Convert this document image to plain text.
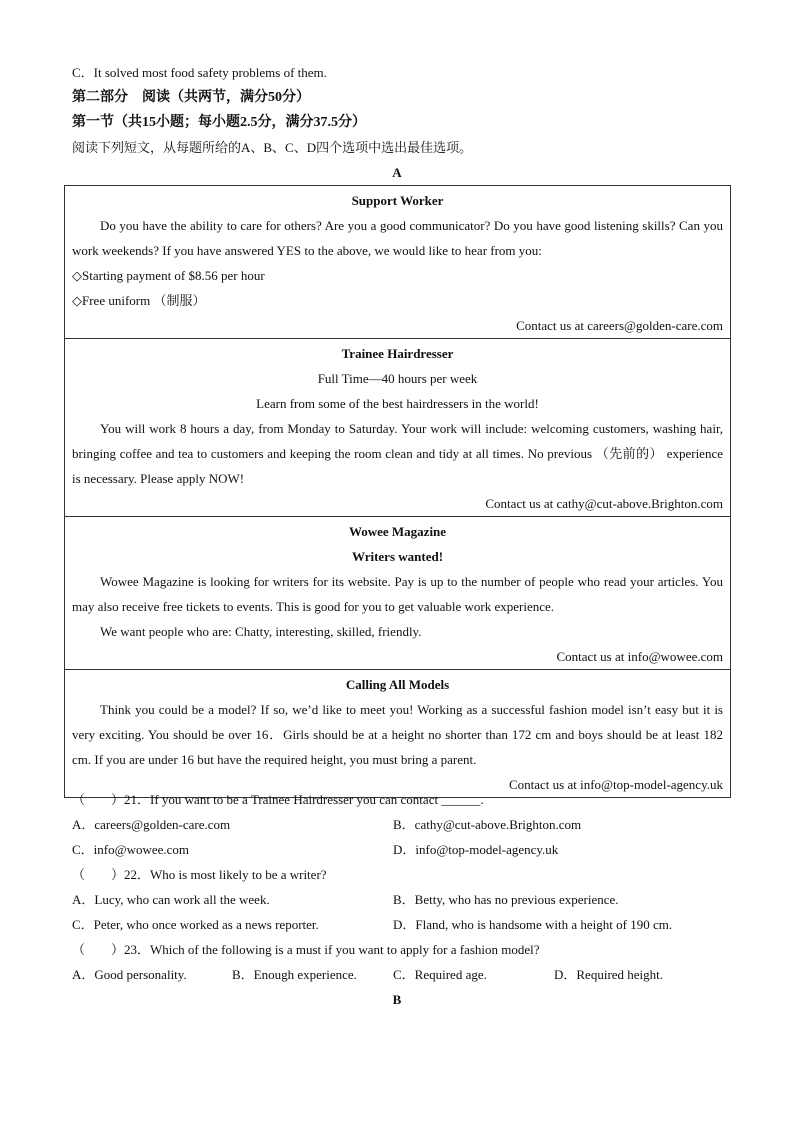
C．It solved most food safety problems of them.
第二部分　阅读（共两节，满分50分）
第一节（共15小题；每小题2.5分，满分37.5分）
阅读下列短文，从每题所给的A、B、C、D四个选项中选出最佳选项。
A

Support Worker

Do you have the ability to care for others? Are you a good communicator? Do you have good listening skills? Can you work weekends? If you have answered YES to the above, we would like to hear from you:

◇Starting payment of $8.56 per hour

◇Free uniform （制服）

Contact us at careers@golden-care.com

Trainee Hairdresser

Full Time—40 hours per week

Learn from some of the best hairdressers in the world!

You will work 8 hours a day, from Monday to Saturday. Your work will include: welcoming customers, washing hair, bringing coffee and tea to customers and keeping the room clean and tidy at all times. No previous （先前的） experience is necessary. Please apply NOW!

Contact us at cathy@cut-above.Brighton.com

Wowee Magazine

Writers wanted!

Wowee Magazine is looking for writers for its website. Pay is up to the number of people who read your articles. You may also receive free tickets to events. This is good for you to get valuable work experience.

We want people who are: Chatty, interesting, skilled, friendly.

Contact us at info@wowee.com

Calling All Models

Think you could be a model? If so, we’d like to meet you! Working as a successful fashion model isn’t easy but it is very exciting. You should be over 16．Girls should be at a height no shorter than 172 cm and boys should be at least 182 cm. If you are under 16 but have the required height, you must bring a parent.

Contact us at info@top-model-agency.uk

（　　）21．If you want to be a Trainee Hairdresser you can contact ______.
A．careers@golden-care.com	B．cathy@cut-above.Brighton.com
C．info@wowee.com	D．info@top-model-agency.uk
（　　）22．Who is most likely to be a writer?
A．Lucy, who can work all the week.	B．Betty, who has no previous experience.
C．Peter, who once worked as a news reporter.	D．Fland, who is handsome with a height of 190 cm.
（　　）23．Which of the following is a must if you want to apply for a fashion model?
A．Good personality.	B．Enough experience.	C．Required age.	D．Required height.
B
